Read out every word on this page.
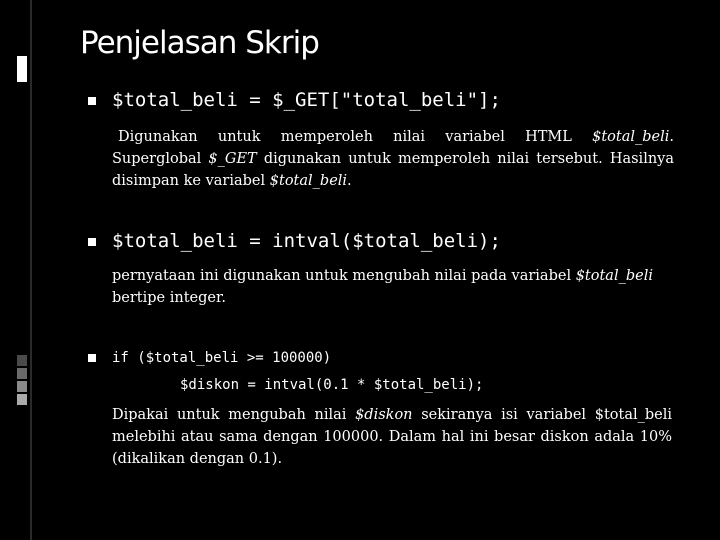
Penjelasan Skrip
$total_beli = $_GET["total_beli"];
Digunakan untuk memperoleh nilai variabel HTML $total_beli. Superglobal $_GET digunakan untuk memperoleh nilai tersebut. Hasilnya disimpan ke variabel $total_beli.
$total_beli = intval($total_beli);
pernyataan ini digunakan untuk mengubah nilai pada variabel $total_beli bertipe integer.
if ($total_beli >= 100000)
$diskon = intval(0.1 * $total_beli);
Dipakai untuk mengubah nilai $diskon sekiranya isi variabel $total_beli melebihi atau sama dengan 100000. Dalam hal ini besar diskon adala 10% (dikalikan dengan 0.1).
